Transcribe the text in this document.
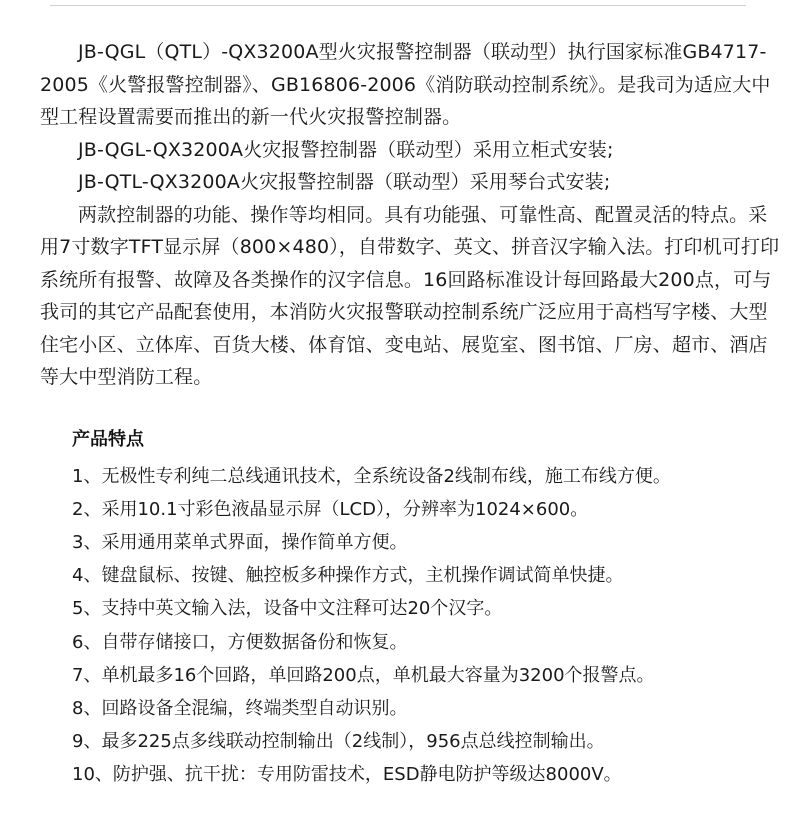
JB-QGL（QTL）-QX3200A型火灾报警控制器（联动型）执行国家标准GB4717-2005《火警报警控制器》、GB16806-2006《消防联动控制系统》。是我司为适应大中型工程设置需要而推出的新一代火灾报警控制器。

JB-QGL-QX3200A火灾报警控制器（联动型）采用立柜式安装;

JB-QTL-QX3200A火灾报警控制器（联动型）采用琴台式安装;

两款控制器的功能、操作等均相同。具有功能强、可靠性高、配置灵活的特点。采用7寸数字TFT显示屏（800×480），自带数字、英文、拼音汉字输入法。打印机可打印系统所有报警、故障及各类操作的汉字信息。16回路标准设计每回路最大200点，可与我司的其它产品配套使用，本消防火灾报警联动控制系统广泛应用于高档写字楼、大型住宅小区、立体库、百货大楼、体育馆、变电站、展览室、图书馆、厂房、超市、酒店等大中型消防工程。

产品特点
1、无极性专利纯二总线通讯技术，全系统设备2线制布线，施工布线方便。
2、采用10.1寸彩色液晶显示屏（LCD），分辨率为1024×600。
3、采用通用菜单式界面，操作简单方便。
4、键盘鼠标、按键、触控板多种操作方式，主机操作调试简单快捷。
5、支持中英文输入法，设备中文注释可达20个汉字。
6、自带存储接口，方便数据备份和恢复。
7、单机最多16个回路，单回路200点，单机最大容量为3200个报警点。
8、回路设备全混编，终端类型自动识别。
9、最多225点多线联动控制输出（2线制），956点总线控制输出。
10、防护强、抗干扰：专用防雷技术，ESD静电防护等级达8000V。
